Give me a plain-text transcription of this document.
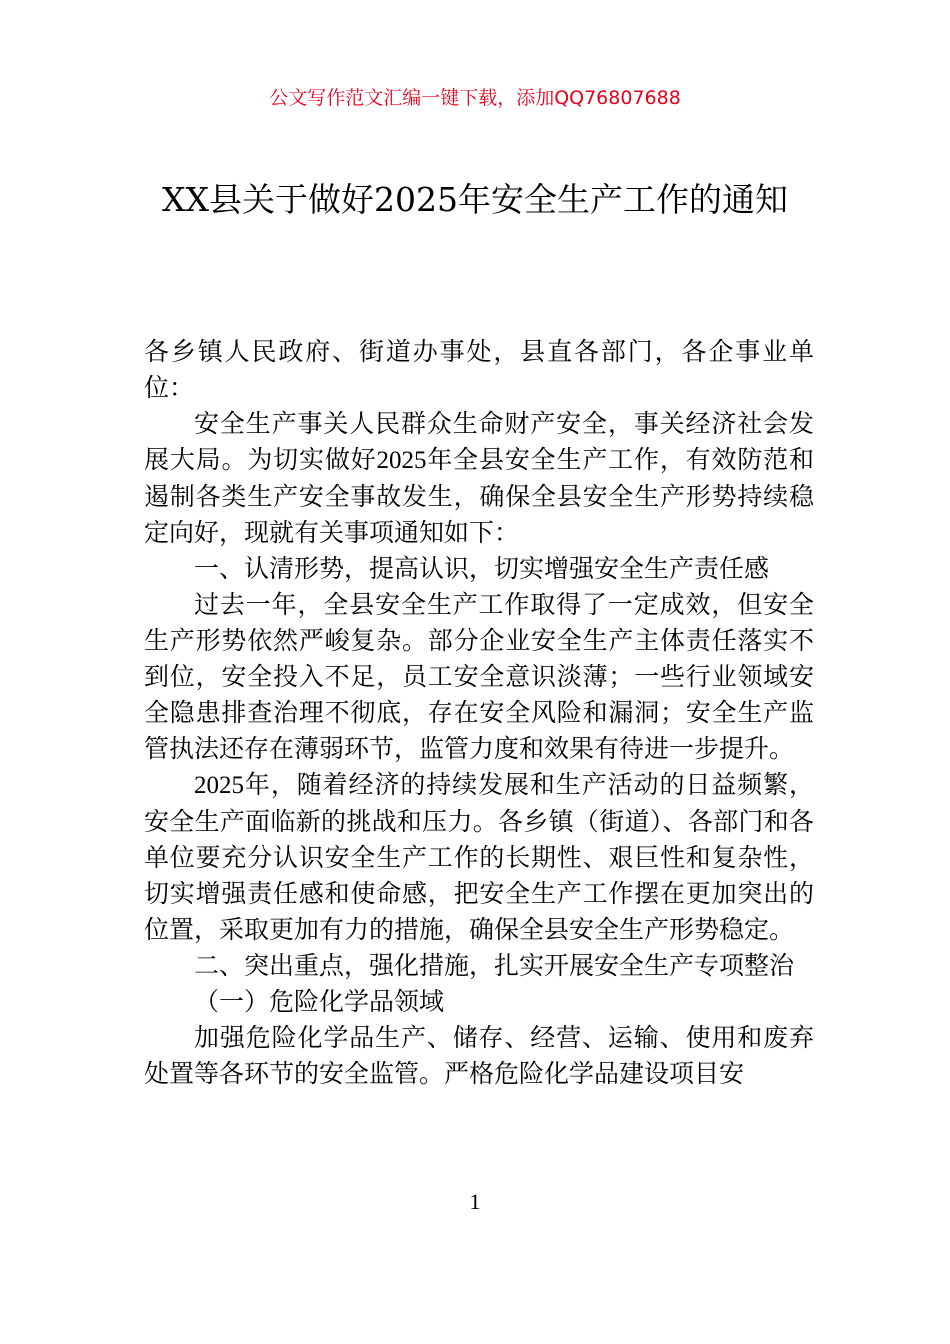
公文写作范文汇编一键下载，添加QQ76807688
XX县关于做好2025年安全生产工作的通知

各乡镇人民政府、街道办事处，县直各部门，各企事业单位：

安全生产事关人民群众生命财产安全，事关经济社会发展大局。为切实做好2025年全县安全生产工作，有效防范和遏制各类生产安全事故发生，确保全县安全生产形势持续稳定向好，现就有关事项通知如下：

一、认清形势，提高认识，切实增强安全生产责任感

过去一年，全县安全生产工作取得了一定成效，但安全生产形势依然严峻复杂。部分企业安全生产主体责任落实不到位，安全投入不足，员工安全意识淡薄；一些行业领域安全隐患排查治理不彻底，存在安全风险和漏洞；安全生产监管执法还存在薄弱环节，监管力度和效果有待进一步提升。

2025年，随着经济的持续发展和生产活动的日益频繁，安全生产面临新的挑战和压力。各乡镇（街道）、各部门和各单位要充分认识安全生产工作的长期性、艰巨性和复杂性，切实增强责任感和使命感，把安全生产工作摆在更加突出的位置，采取更加有力的措施，确保全县安全生产形势稳定。

二、突出重点，强化措施，扎实开展安全生产专项整治

（一）危险化学品领域

加强危险化学品生产、储存、经营、运输、使用和废弃处置等各环节的安全监管。严格危险化学品建设项目安

1
